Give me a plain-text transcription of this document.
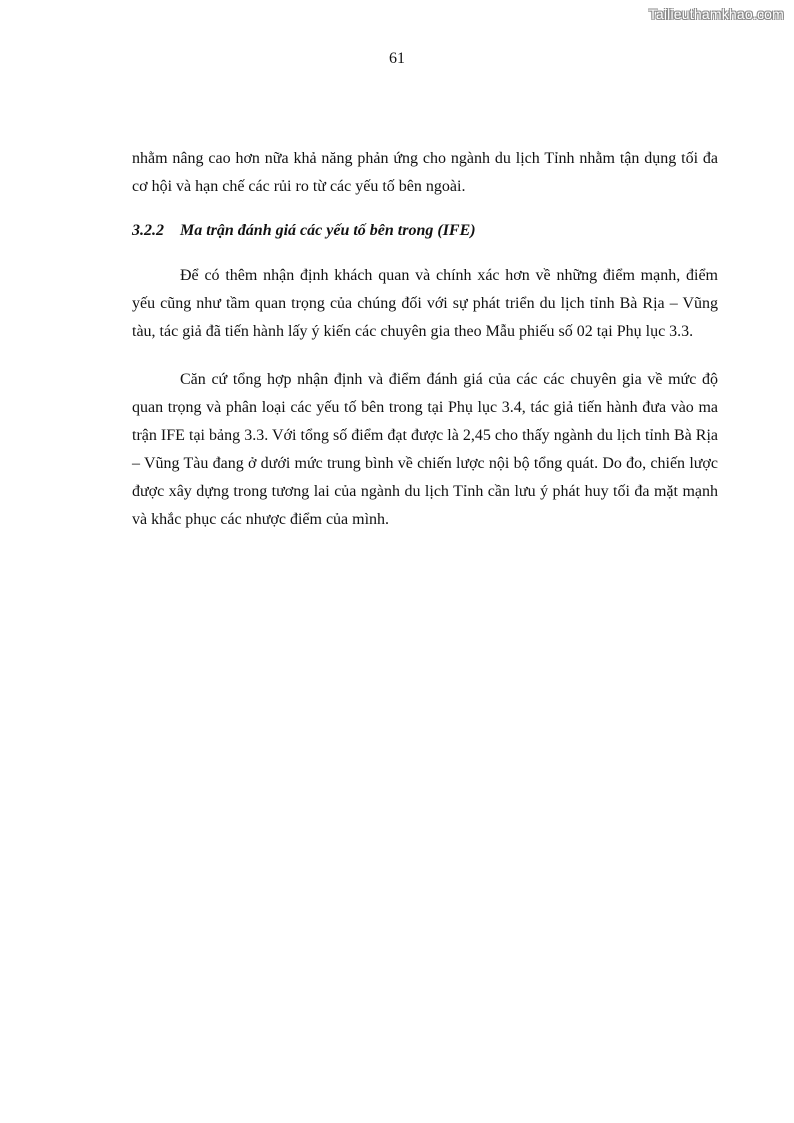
Tailieuthamkhao.com
61

nhằm nâng cao hơn nữa khả năng phản ứng cho ngành du lịch Tỉnh nhằm tận dụng tối đa cơ hội và hạn chế các rủi ro từ các yếu tố bên ngoài.

3.2.2 Ma trận đánh giá các yếu tố bên trong (IFE)

Để có thêm nhận định khách quan và chính xác hơn về những điểm mạnh, điểm yếu cũng như tầm quan trọng của chúng đối với sự phát triển du lịch tỉnh Bà Rịa – Vũng tàu, tác giả đã tiến hành lấy ý kiến các chuyên gia theo Mẫu phiếu số 02 tại Phụ lục 3.3.

Căn cứ tổng hợp nhận định và điểm đánh giá của các các chuyên gia về mức độ quan trọng và phân loại các yếu tố bên trong tại Phụ lục 3.4, tác giả tiến hành đưa vào ma trận IFE tại bảng 3.3. Với tổng số điểm đạt được là 2,45 cho thấy ngành du lịch tỉnh Bà Rịa – Vũng Tàu đang ở dưới mức trung bình về chiến lược nội bộ tổng quát. Do đo, chiến lược được xây dựng trong tương lai của ngành du lịch Tỉnh cần lưu ý phát huy tối đa mặt mạnh và khắc phục các nhược điểm của mình.
